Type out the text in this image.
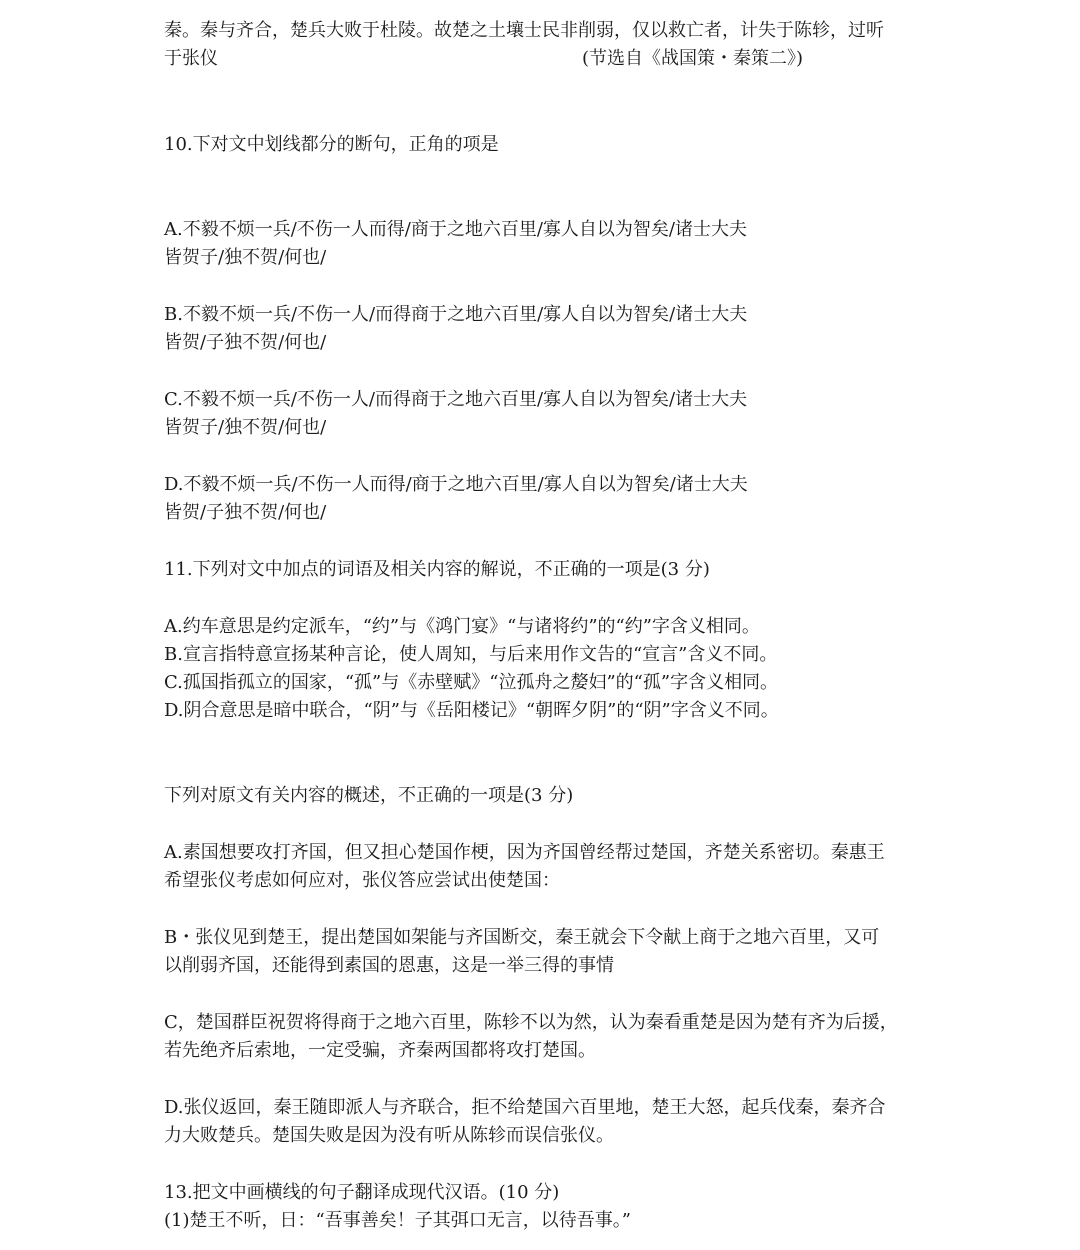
秦。秦与齐合，楚兵大败于杜陵。故楚之土壤士民非削弱，仅以救亡者，计失于陈轸，过听
于张仪	(节选自《战国策・秦策二》)
10.下对文中划线都分的断句，正角的项是
A.不毅不烦一兵/不伤一人而得/商于之地六百里/寡人自以为智矣/诸士大夫
皆贺子/独不贺/何也/
B.不毅不烦一兵/不伤一人/而得商于之地六百里/寡人自以为智矣/诸士大夫
皆贺/子独不贺/何也/
C.不毅不烦一兵/不伤一人/而得商于之地六百里/寡人自以为智矣/诸士大夫
皆贺子/独不贺/何也/
D.不毅不烦一兵/不伤一人而得/商于之地六百里/寡人自以为智矣/诸士大夫
皆贺/子独不贺/何也/
11.下列对文中加点的词语及相关内容的解说，不正确的一项是(3 分)
A.约车意思是约定派车，“约”与《鸿门宴》“与诸将约”的“约”字含义相同。
B.宣言指特意宣扬某种言论，使人周知，与后来用作文告的“宣言”含义不同。
C.孤国指孤立的国家，“孤”与《赤壁赋》“泣孤舟之嫠妇”的“孤”字含义相同。
D.阴合意思是暗中联合，“阴”与《岳阳楼记》“朝晖夕阴”的“阴”字含义不同。
下列对原文有关内容的概述，不正确的一项是(3 分)
A.素国想要攻打齐国，但又担心楚国作梗，因为齐国曾经帮过楚国，齐楚关系密切。秦惠王
希望张仪考虑如何应对，张仪答应尝试出使楚国：
B・张仪见到楚王，提出楚国如架能与齐国断交，秦王就会下令献上商于之地六百里，又可
以削弱齐国，还能得到素国的恩惠，这是一举三得的事情
C，楚国群臣祝贺将得商于之地六百里，陈轸不以为然，认为秦看重楚是因为楚有齐为后援，
若先绝齐后索地，一定受骗，齐秦两国都将攻打楚国。
D.张仪返回，秦王随即派人与齐联合，拒不给楚国六百里地，楚王大怒，起兵伐秦，秦齐合
力大败楚兵。楚国失败是因为没有听从陈轸而误信张仪。
13.把文中画横线的句子翻译成现代汉语。(10 分)
(1)楚王不听，日：“吾事善矣！子其弭口无言，以待吾事。”
